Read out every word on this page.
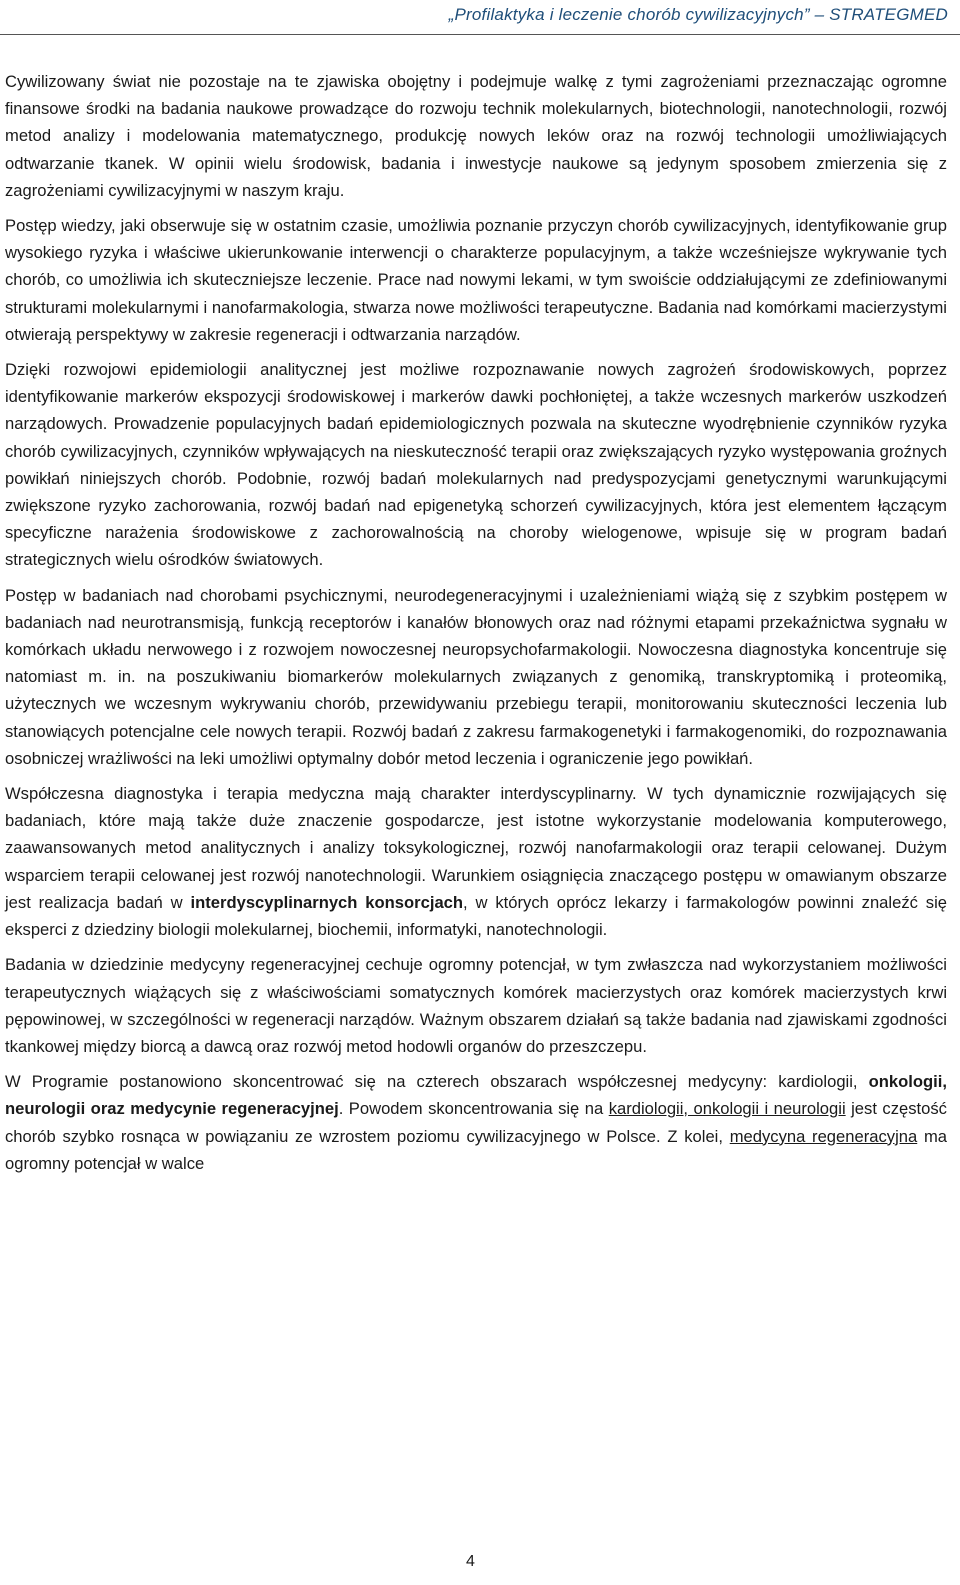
„Profilaktyka i leczenie chorób cywilizacyjnych” – STRATEGMED

Cywilizowany świat nie pozostaje na te zjawiska obojętny i podejmuje walkę z tymi zagrożeniami przeznaczając ogromne finansowe środki na badania naukowe prowadzące do rozwoju technik molekularnych, biotechnologii, nanotechnologii, rozwój metod analizy i modelowania matematycznego, produkcję nowych leków oraz na rozwój technologii umożliwiających odtwarzanie tkanek. W opinii wielu środowisk, badania i inwestycje naukowe są jedynym sposobem zmierzenia się z zagrożeniami cywilizacyjnymi w naszym kraju.

Postęp wiedzy, jaki obserwuje się w ostatnim czasie, umożliwia poznanie przyczyn chorób cywilizacyjnych, identyfikowanie grup wysokiego ryzyka i właściwe ukierunkowanie interwencji o charakterze populacyjnym, a także wcześniejsze wykrywanie tych chorób, co umożliwia ich skuteczniejsze leczenie. Prace nad nowymi lekami, w tym swoiście oddziałującymi ze zdefiniowanymi strukturami molekularnymi i nanofarmakologia, stwarza nowe możliwości terapeutyczne. Badania nad komórkami macierzystymi otwierają perspektywy w zakresie regeneracji i odtwarzania narządów.

Dzięki rozwojowi epidemiologii analitycznej jest możliwe rozpoznawanie nowych zagrożeń środowiskowych, poprzez identyfikowanie markerów ekspozycji środowiskowej i markerów dawki pochłoniętej, a także wczesnych markerów uszkodzeń narządowych. Prowadzenie populacyjnych badań epidemiologicznych pozwala na skuteczne wyodrębnienie czynników ryzyka chorób cywilizacyjnych, czynników wpływających na nieskuteczność terapii oraz zwiększających ryzyko występowania groźnych powikłań niniejszych chorób. Podobnie, rozwój badań molekularnych nad predyspozycjami genetycznymi warunkującymi zwiększone ryzyko zachorowania, rozwój badań nad epigenetyką schorzeń cywilizacyjnych, która jest elementem łączącym specyficzne narażenia środowiskowe z zachorowalnością na choroby wielogenowe, wpisuje się w program badań strategicznych wielu ośrodków światowych.

Postęp w badaniach nad chorobami psychicznymi, neurodegeneracyjnymi i uzależnieniami wiążą się z szybkim postępem w badaniach nad neurotransmisją, funkcją receptorów i kanałów błonowych oraz nad różnymi etapami przekaźnictwa sygnału w komórkach układu nerwowego i z rozwojem nowoczesnej neuropsychofarmakologii. Nowoczesna diagnostyka koncentruje się natomiast m. in. na poszukiwaniu biomarkerów molekularnych związanych z genomiką, transkryptomiką i proteomiką, użytecznych we wczesnym wykrywaniu chorób, przewidywaniu przebiegu terapii, monitorowaniu skuteczności leczenia lub stanowiących potencjalne cele nowych terapii. Rozwój badań z zakresu farmakogenetyki i farmakogenomiki, do rozpoznawania osobniczej wrażliwości na leki umożliwi optymalny dobór metod leczenia i ograniczenie jego powikłań.

Współczesna diagnostyka i terapia medyczna mają charakter interdyscyplinarny. W tych dynamicznie rozwijających się badaniach, które mają także duże znaczenie gospodarcze, jest istotne wykorzystanie modelowania komputerowego, zaawansowanych metod analitycznych i analizy toksykologicznej, rozwój nanofarmakologii oraz terapii celowanej. Dużym wsparciem terapii celowanej jest rozwój nanotechnologii. Warunkiem osiągnięcia znaczącego postępu w omawianym obszarze jest realizacja badań w interdyscyplinarnych konsorcjach, w których oprócz lekarzy i farmakologów powinni znaleźć się eksperci z dziedziny biologii molekularnej, biochemii, informatyki, nanotechnologii.

Badania w dziedzinie medycyny regeneracyjnej cechuje ogromny potencjał, w tym zwłaszcza nad wykorzystaniem możliwości terapeutycznych wiążących się z właściwościami somatycznych komórek macierzystych oraz komórek macierzystych krwi pępowinowej, w szczególności w regeneracji narządów. Ważnym obszarem działań są także badania nad zjawiskami zgodności tkankowej między biorcą a dawcą oraz rozwój metod hodowli organów do przeszczepu.

W Programie postanowiono skoncentrować się na czterech obszarach współczesnej medycyny: kardiologii, onkologii, neurologii oraz medycynie regeneracyjnej. Powodem skoncentrowania się na kardiologii, onkologii i neurologii jest częstość chorób szybko rosnąca w powiązaniu ze wzrostem poziomu cywilizacyjnego w Polsce. Z kolei, medycyna regeneracyjna ma ogromny potencjał w walce

4
